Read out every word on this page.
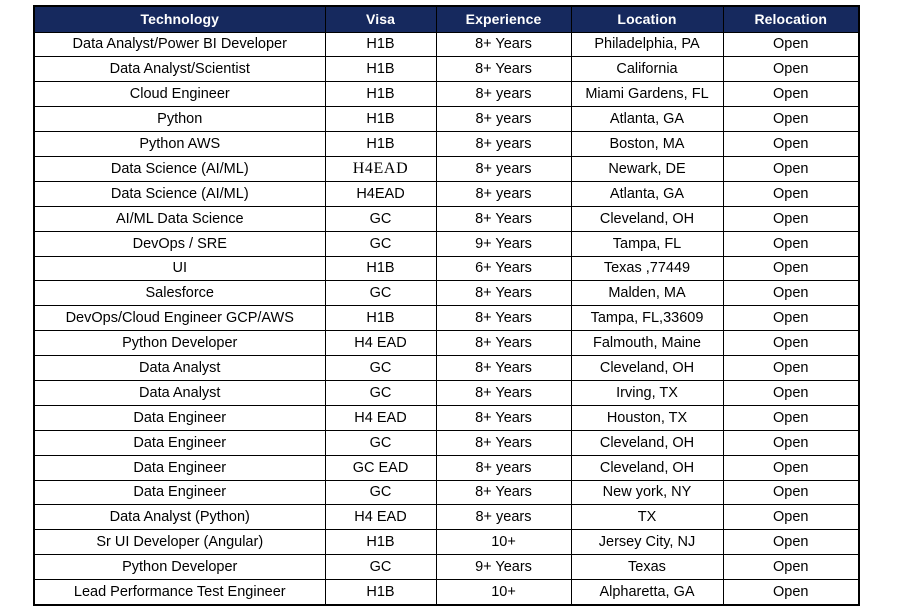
Technology	Visa	Experience	Location	Relocation
Data Analyst/Power BI Developer	H1B	8+ Years	Philadelphia, PA	Open
Data Analyst/Scientist	H1B	8+ Years	California	Open
Cloud Engineer	H1B	8+ years	Miami Gardens, FL	Open
Python	H1B	8+ years	Atlanta, GA	Open
Python AWS	H1B	8+ years	Boston, MA	Open
Data Science (AI/ML)	H4EAD	8+ years	Newark, DE	Open
Data Science (AI/ML)	H4EAD	8+ years	Atlanta, GA	Open
AI/ML Data Science	GC	8+ Years	Cleveland, OH	Open
DevOps / SRE	GC	9+ Years	Tampa, FL	Open
UI	H1B	6+ Years	Texas ,77449	Open
Salesforce	GC	8+ Years	Malden, MA	Open
DevOps/Cloud Engineer GCP/AWS	H1B	8+ Years	Tampa, FL,33609	Open
Python Developer	H4 EAD	8+ Years	Falmouth, Maine	Open
Data Analyst	GC	8+ Years	Cleveland, OH	Open
Data Analyst	GC	8+ Years	Irving, TX	Open
Data Engineer	H4 EAD	8+ Years	Houston, TX	Open
Data Engineer	GC	8+ Years	Cleveland, OH	Open
Data Engineer	GC EAD	8+ years	Cleveland, OH	Open
Data Engineer	GC	8+ Years	New york, NY	Open
Data Analyst (Python)	H4 EAD	8+ years	TX	Open
Sr UI Developer (Angular)	H1B	10+	Jersey City, NJ	Open
Python Developer	GC	9+ Years	Texas	Open
Lead Performance Test Engineer	H1B	10+	Alpharetta, GA	Open
